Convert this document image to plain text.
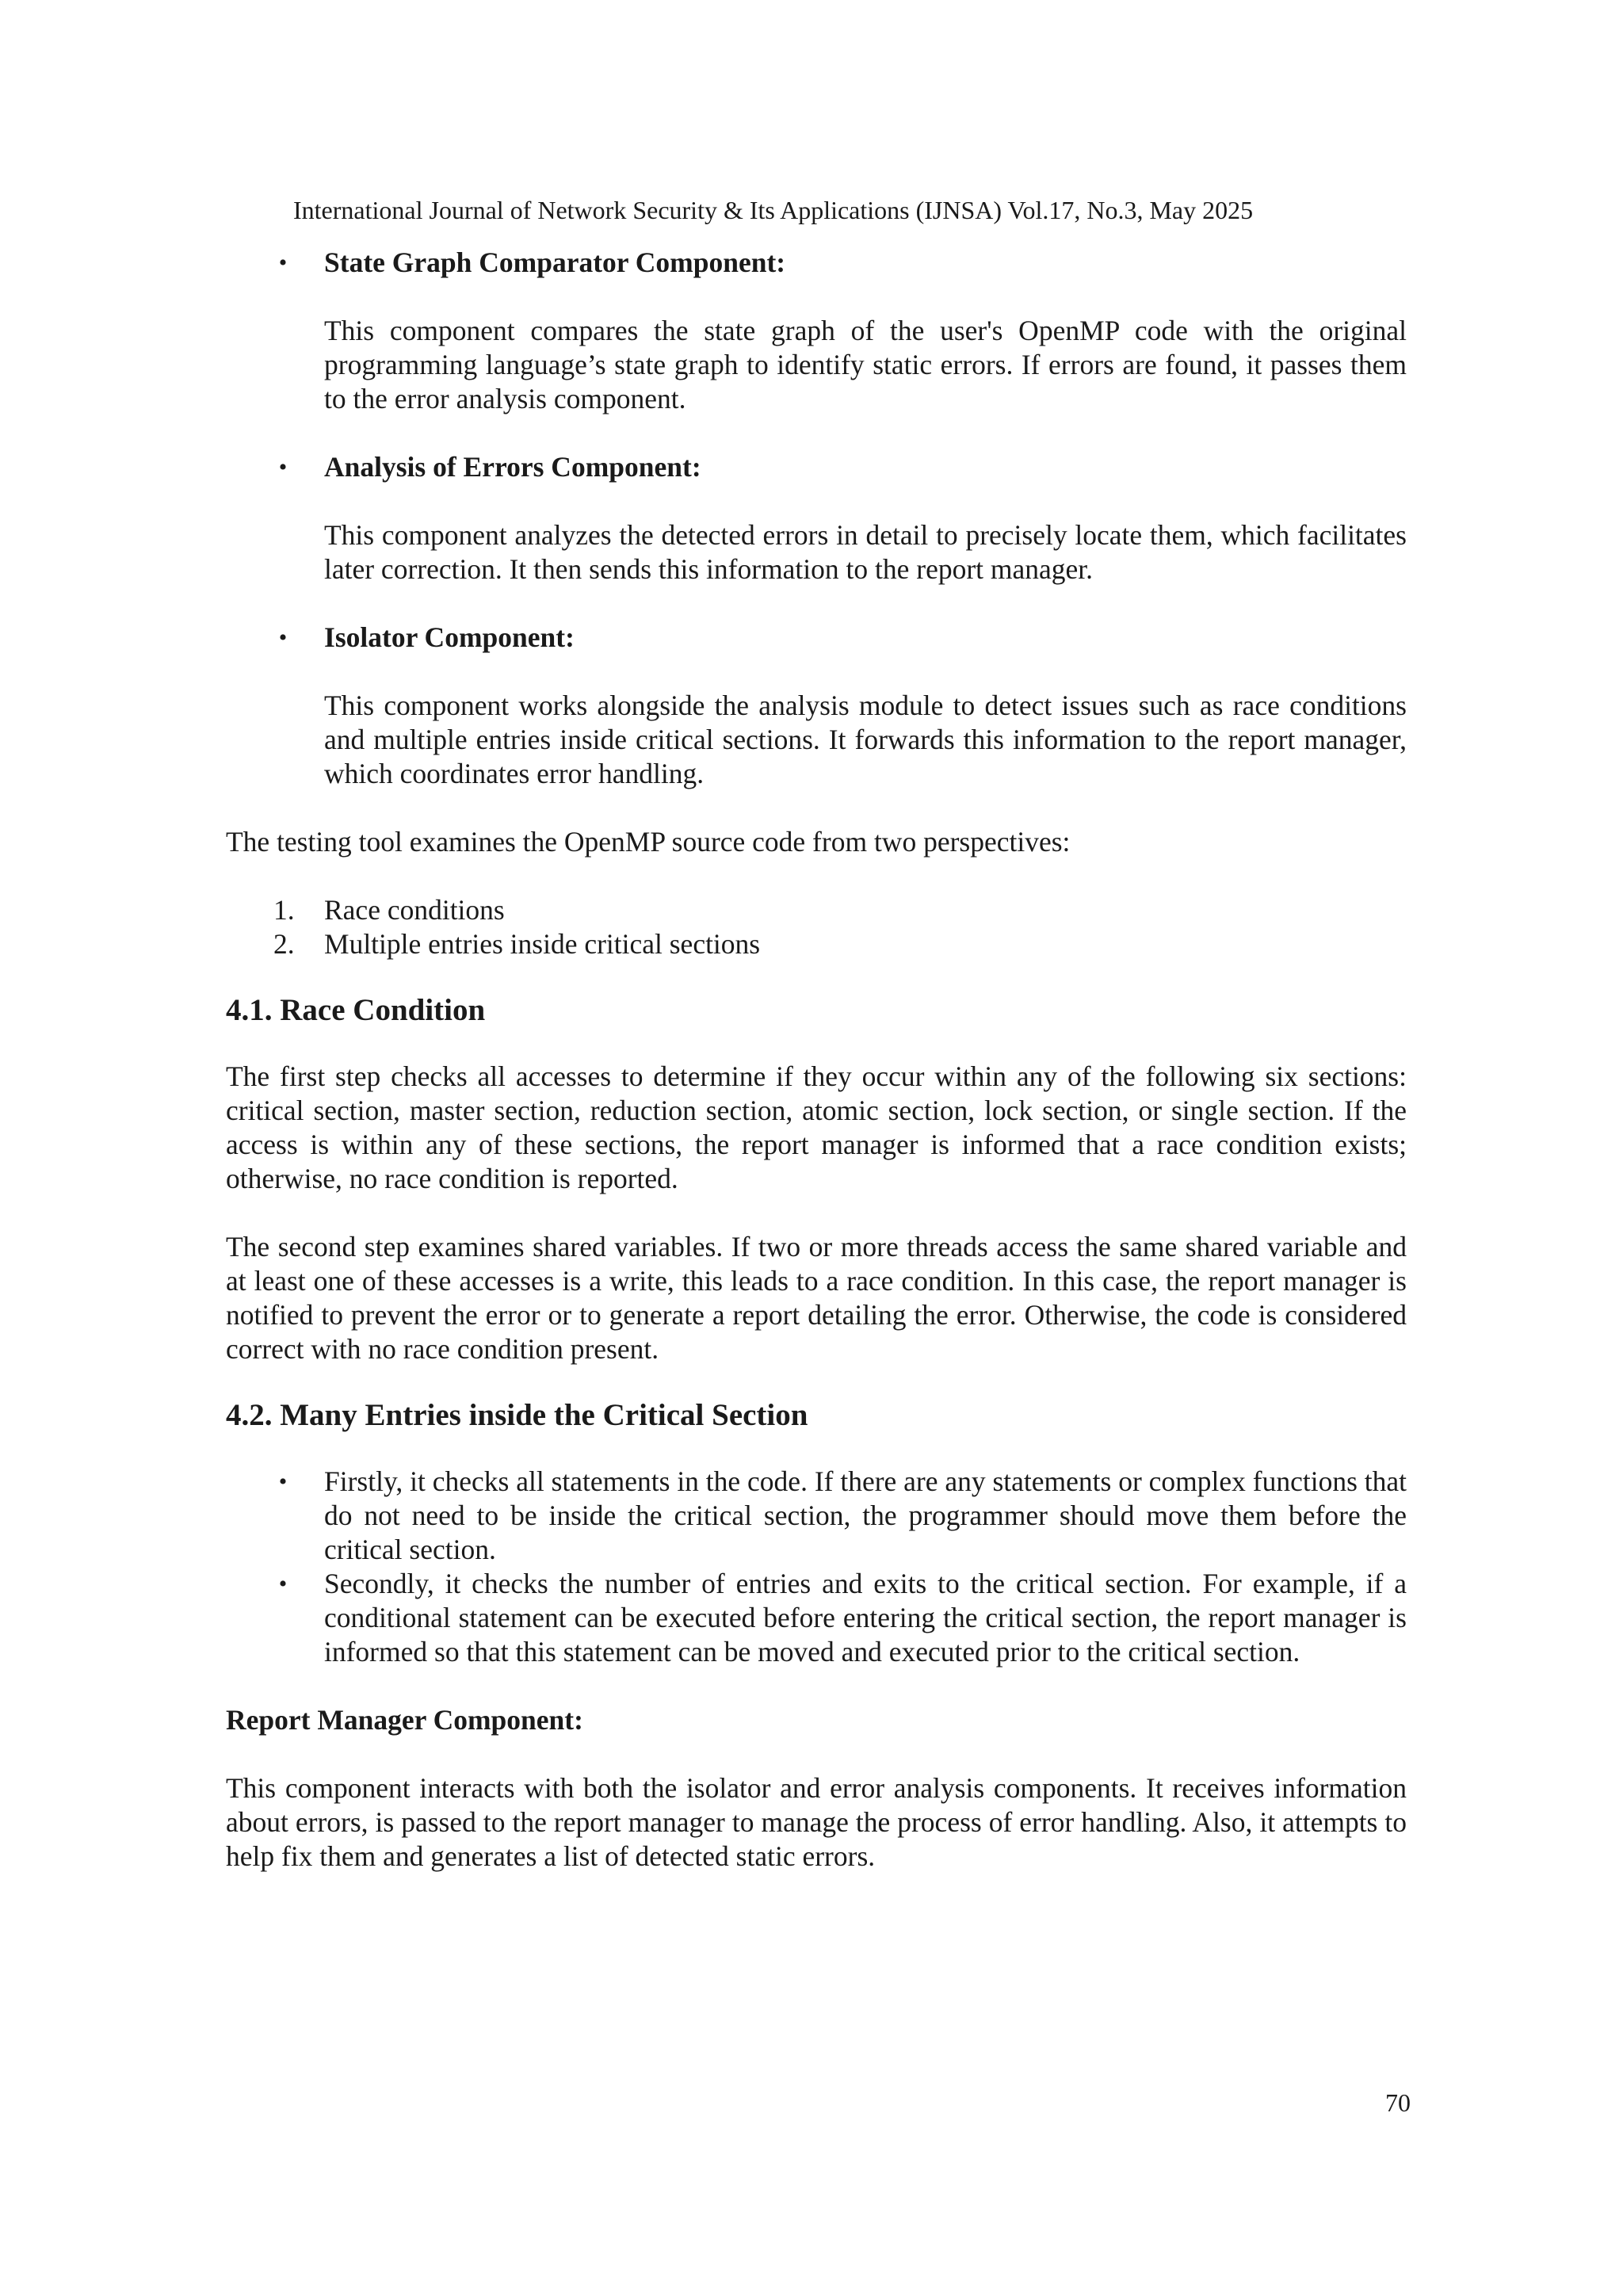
International Journal of Network Security & Its Applications (IJNSA) Vol.17, No.3, May 2025
•	State Graph Comparator Component:

This component compares the state graph of the user's OpenMP code with the original programming language’s state graph to identify static errors. If errors are found, it passes them to the error analysis component.

•	Analysis of Errors Component:

This component analyzes the detected errors in detail to precisely locate them, which facilitates later correction. It then sends this information to the report manager.

•	Isolator Component:

This component works alongside the analysis module to detect issues such as race conditions and multiple entries inside critical sections. It forwards this information to the report manager, which coordinates error handling.

The testing tool examines the OpenMP source code from two perspectives:

1. Race conditions
2. Multiple entries inside critical sections
4.1. Race Condition

The first step checks all accesses to determine if they occur within any of the following six sections: critical section, master section, reduction section, atomic section, lock section, or single section. If the access is within any of these sections, the report manager is informed that a race condition exists; otherwise, no race condition is reported.

The second step examines shared variables. If two or more threads access the same shared variable and at least one of these accesses is a write, this leads to a race condition. In this case, the report manager is notified to prevent the error or to generate a report detailing the error. Otherwise, the code is considered correct with no race condition present.

4.2. Many Entries inside the Critical Section
•	Firstly, it checks all statements in the code. If there are any statements or complex functions that do not need to be inside the critical section, the programmer should move them before the critical section.

•	Secondly, it checks the number of entries and exits to the critical section. For example, if a conditional statement can be executed before entering the critical section, the report manager is informed so that this statement can be moved and executed prior to the critical section.

Report Manager Component:

This component interacts with both the isolator and error analysis components. It receives information about errors, is passed to the report manager to manage the process of error handling. Also, it attempts to help fix them and generates a list of detected static errors.

70
